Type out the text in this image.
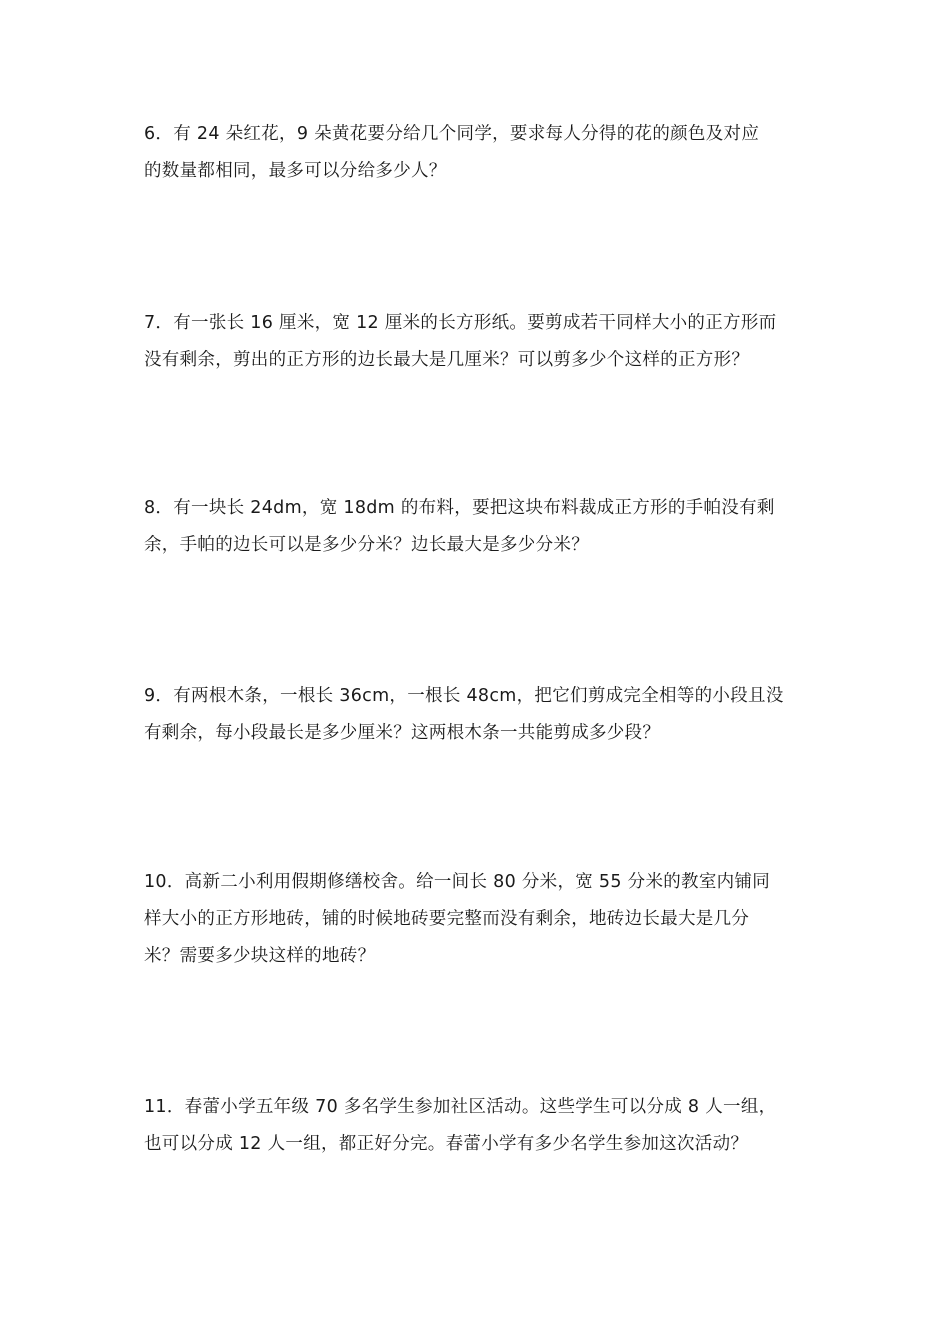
6．有 24 朵红花，9 朵黄花要分给几个同学，要求每人分得的花的颜色及对应
的数量都相同，最多可以分给多少人？
7．有一张长 16 厘米，宽 12 厘米的长方形纸。要剪成若干同样大小的正方形而
没有剩余，剪出的正方形的边长最大是几厘米？可以剪多少个这样的正方形？
8．有一块长 24dm，宽 18dm 的布料，要把这块布料裁成正方形的手帕没有剩
余，手帕的边长可以是多少分米？边长最大是多少分米？
9．有两根木条，一根长 36cm，一根长 48cm，把它们剪成完全相等的小段且没
有剩余，每小段最长是多少厘米？这两根木条一共能剪成多少段？
10．高新二小利用假期修缮校舍。给一间长 80 分米，宽 55 分米的教室内铺同
样大小的正方形地砖，铺的时候地砖要完整而没有剩余，地砖边长最大是几分
米？需要多少块这样的地砖？
11．春蕾小学五年级 70 多名学生参加社区活动。这些学生可以分成 8 人一组，
也可以分成 12 人一组，都正好分完。春蕾小学有多少名学生参加这次活动？
